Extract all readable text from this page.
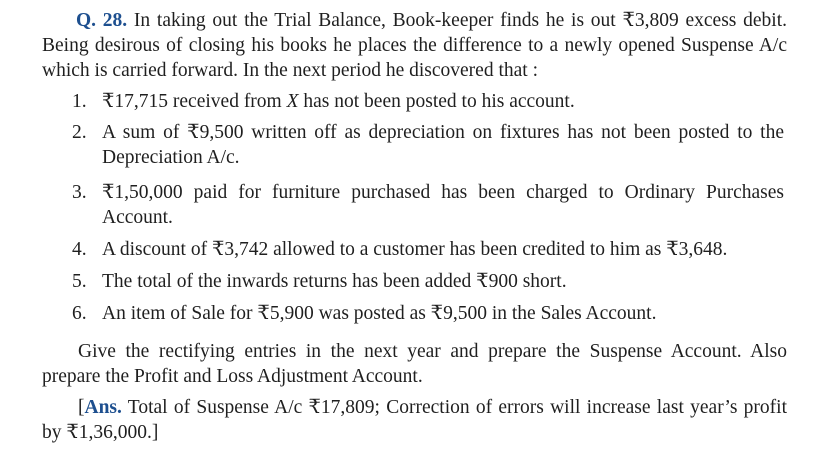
Q. 28. In taking out the Trial Balance, Book-keeper finds he is out ₹3,809 excess debit. Being desirous of closing his books he places the difference to a newly opened Suspense A/c which is carried forward. In the next period he discovered that :

1. ₹17,715 received from X has not been posted to his account.
2. A sum of ₹9,500 written off as depreciation on fixtures has not been posted to the Depreciation A/c.
3. ₹1,50,000 paid for furniture purchased has been charged to Ordinary Purchases Account.
4. A discount of ₹3,742 allowed to a customer has been credited to him as ₹3,648.
5. The total of the inwards returns has been added ₹900 short.
6. An item of Sale for ₹5,900 was posted as ₹9,500 in the Sales Account.

Give the rectifying entries in the next year and prepare the Suspense Account. Also prepare the Profit and Loss Adjustment Account.

[Ans. Total of Suspense A/c ₹17,809; Correction of errors will increase last year’s profit by ₹1,36,000.]
